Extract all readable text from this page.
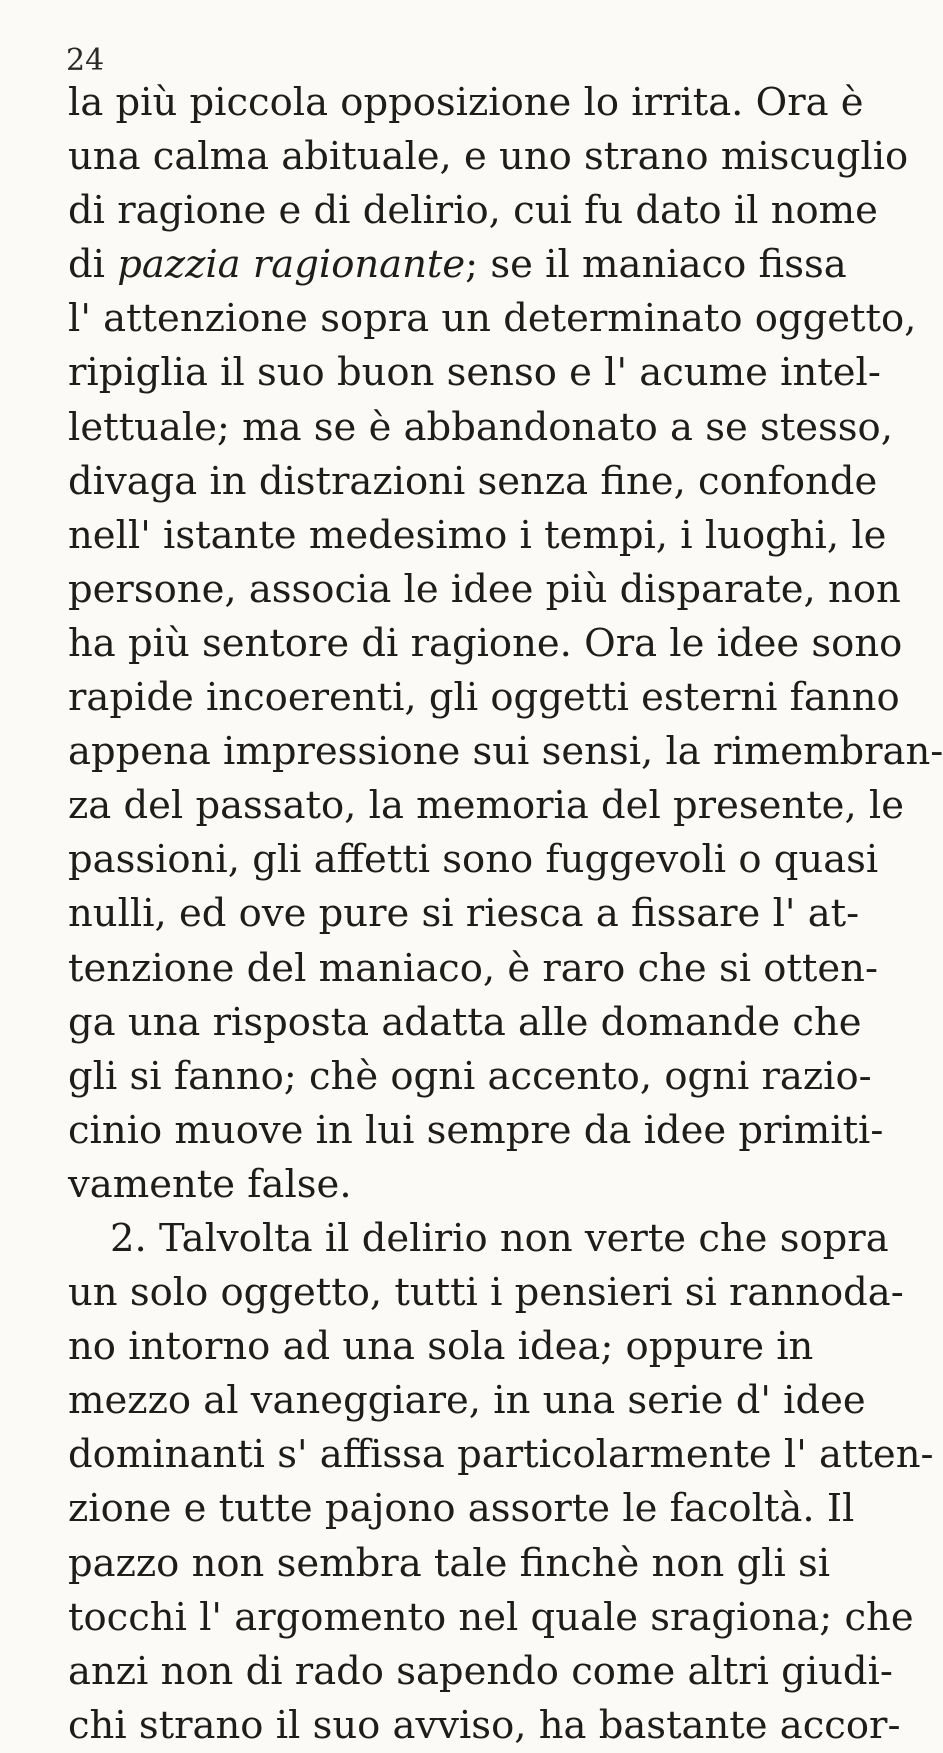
24
la più piccola opposizione lo irrita. Ora è
una calma abituale, e uno strano miscuglio
di ragione e di delirio, cui fu dato il nome
di pazzia ragionante; se il maniaco fissa
l' attenzione sopra un determinato oggetto,
ripiglia il suo buon senso e l' acume intel-
lettuale; ma se è abbandonato a se stesso,
divaga in distrazioni senza fine, confonde
nell' istante medesimo i tempi, i luoghi, le
persone, associa le idee più disparate, non
ha più sentore di ragione. Ora le idee sono
rapide incoerenti, gli oggetti esterni fanno
appena impressione sui sensi, la rimembran-
za del passato, la memoria del presente, le
passioni, gli affetti sono fuggevoli o quasi
nulli, ed ove pure si riesca a fissare l' at-
tenzione del maniaco, è raro che si otten-
ga una risposta adatta alle domande che
gli si fanno; chè ogni accento, ogni razio-
cinio muove in lui sempre da idee primiti-
vamente false.
2. Talvolta il delirio non verte che sopra
un solo oggetto, tutti i pensieri si rannoda-
no intorno ad una sola idea; oppure in
mezzo al vaneggiare, in una serie d' idee
dominanti s' affissa particolarmente l' atten-
zione e tutte pajono assorte le facoltà. Il
pazzo non sembra tale finchè non gli si
tocchi l' argomento nel quale sragiona; che
anzi non di rado sapendo come altri giudi-
chi strano il suo avviso, ha bastante accor-
